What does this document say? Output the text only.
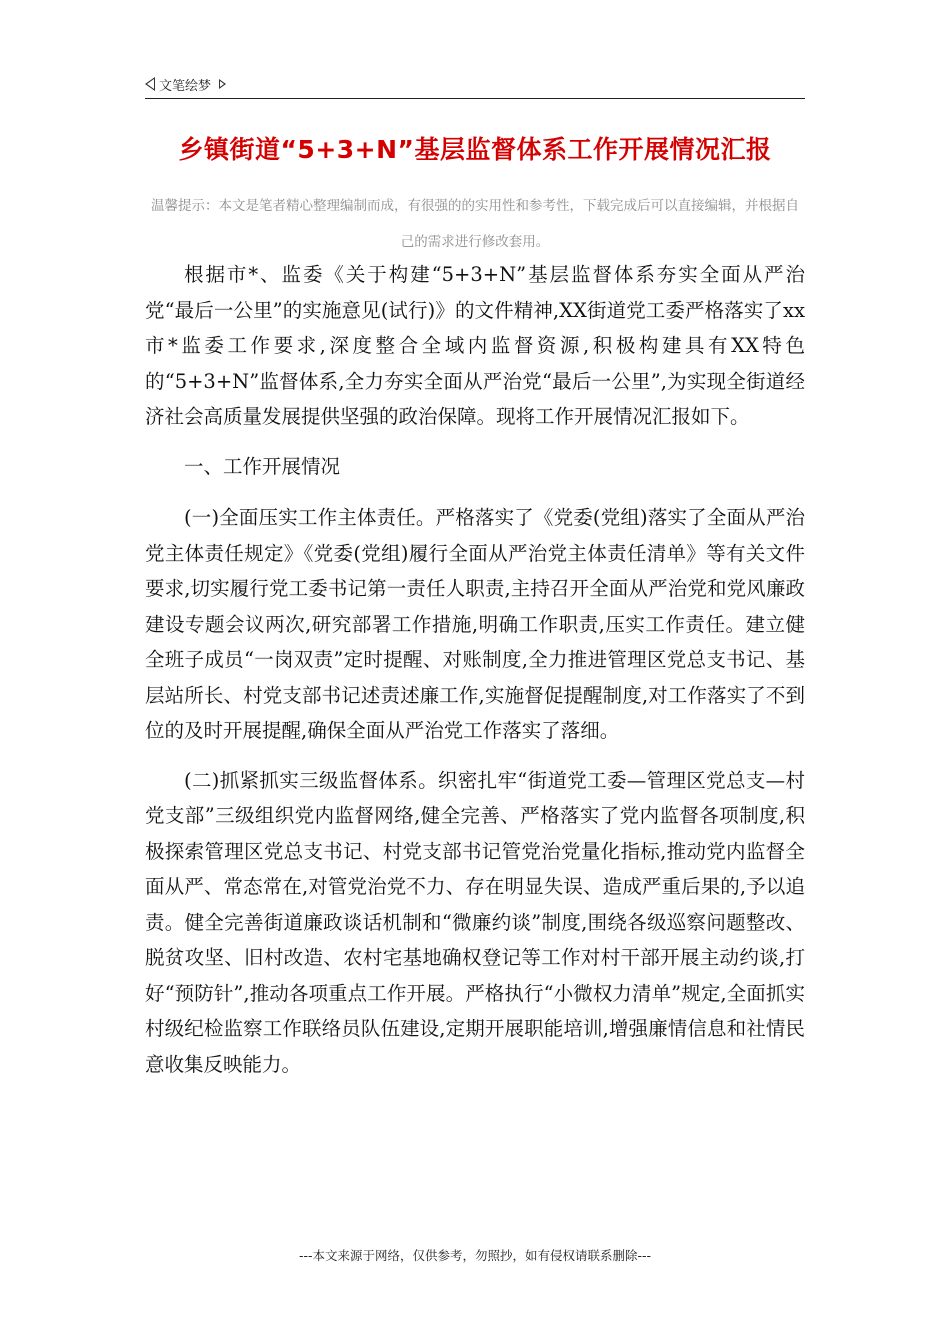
文笔绘梦
乡镇街道“5+3+N”基层监督体系工作开展情况汇报
温馨提示：本文是笔者精心整理编制而成，有很强的的实用性和参考性，下载完成后可以直接编辑，并根据自己的需求进行修改套用。

根据市*、监委《关于构建“5+3+N”基层监督体系夯实全面从严治党“最后一公里”的实施意见(试行)》的文件精神,XX街道党工委严格落实了xx市*监委工作要求,深度整合全域内监督资源,积极构建具有XX特色的“5+3+N”监督体系,全力夯实全面从严治党“最后一公里”,为实现全街道经济社会高质量发展提供坚强的政治保障。现将工作开展情况汇报如下。

一、工作开展情况

(一)全面压实工作主体责任。严格落实了《党委(党组)落实了全面从严治党主体责任规定》《党委(党组)履行全面从严治党主体责任清单》等有关文件要求,切实履行党工委书记第一责任人职责,主持召开全面从严治党和党风廉政建设专题会议两次,研究部署工作措施,明确工作职责,压实工作责任。建立健全班子成员“一岗双责”定时提醒、对账制度,全力推进管理区党总支书记、基层站所长、村党支部书记述责述廉工作,实施督促提醒制度,对工作落实了不到位的及时开展提醒,确保全面从严治党工作落实了落细。

(二)抓紧抓实三级监督体系。织密扎牢“街道党工委—管理区党总支—村党支部”三级组织党内监督网络,健全完善、严格落实了党内监督各项制度,积极探索管理区党总支书记、村党支部书记管党治党量化指标,推动党内监督全面从严、常态常在,对管党治党不力、存在明显失误、造成严重后果的,予以追责。健全完善街道廉政谈话机制和“微廉约谈”制度,围绕各级巡察问题整改、脱贫攻坚、旧村改造、农村宅基地确权登记等工作对村干部开展主动约谈,打好“预防针”,推动各项重点工作开展。严格执行“小微权力清单”规定,全面抓实村级纪检监察工作联络员队伍建设,定期开展职能培训,增强廉情信息和社情民意收集反映能力。

---本文来源于网络，仅供参考，勿照抄，如有侵权请联系删除---
